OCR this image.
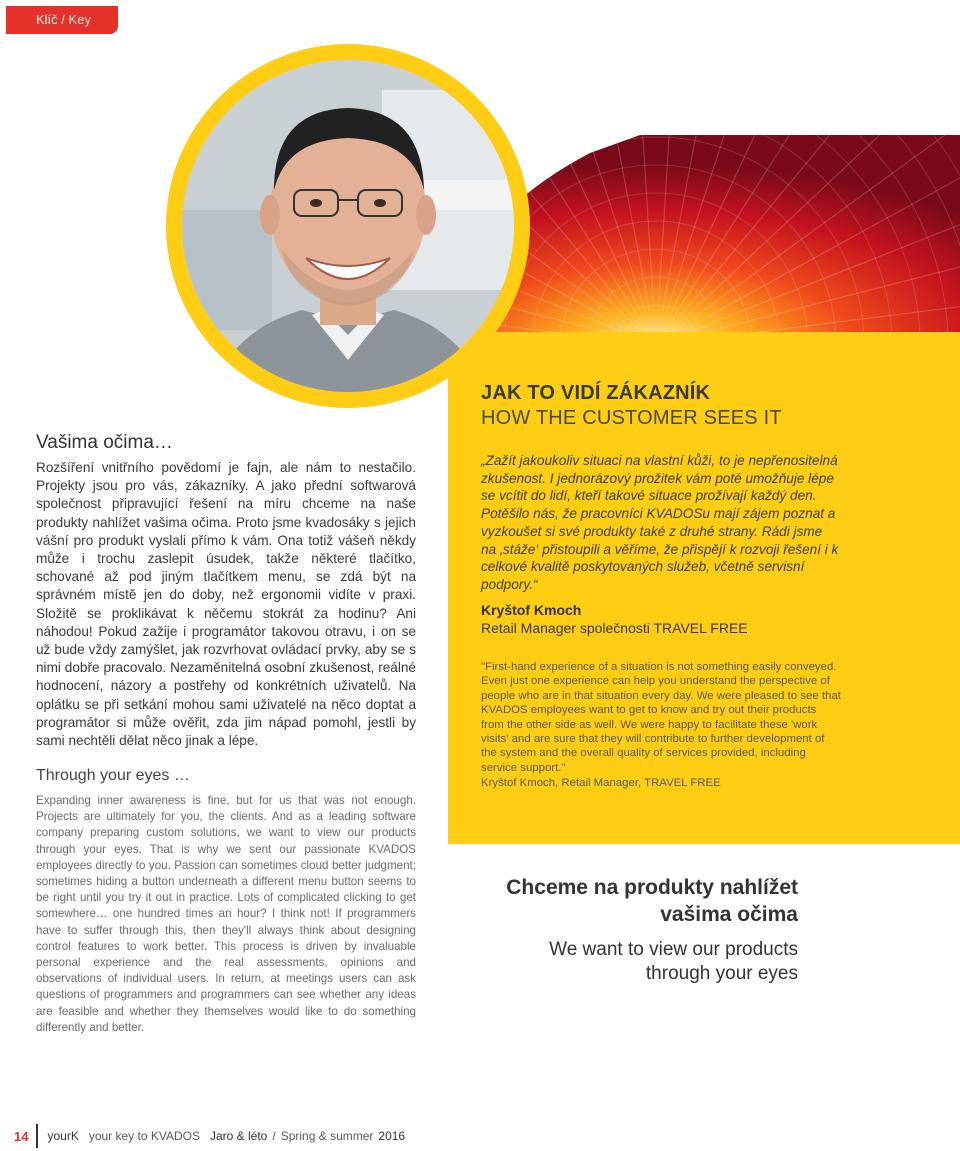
Klíč / Key
Vašima očima…

Rozšíření vnitřního povědomí je fajn, ale nám to nestačilo. Projekty jsou pro vás, zákazníky. A jako přední softwarová společnost připravující řešení na míru chceme na naše produkty nahlížet vašima očima. Proto jsme kvadosáky s jejich vášní pro produkt vyslali přímo k vám. Ona totiž vášeň někdy může i trochu zaslepit úsudek, takže některé tlačítko, schované až pod jiným tlačítkem menu, se zdá být na správném místě jen do doby, než ergonomii vidíte v praxi. Složitě se proklikávat k něčemu stokrát za hodinu? Ani náhodou! Pokud zažije i programátor takovou otravu, i on se už bude vždy zamýšlet, jak rozvrhovat ovládací prvky, aby se s nimi dobře pracovalo. Nezaměnitelná osobní zkušenost, reálné hodnocení, názory a postřehy od konkrétních uživatelů. Na oplátku se při setkání mohou sami uživatelé na něco doptat a programátor si může ověřit, zda jim nápad pomohl, jestli by sami nechtěli dělat něco jinak a lépe.

Through your eyes …

Expanding inner awareness is fine, but for us that was not enough. Projects are ultimately for you, the clients. And as a leading software company preparing custom solutions, we want to view our products through your eyes. That is why we sent our passionate KVADOS employees directly to you. Passion can sometimes cloud better judgment; sometimes hiding a button underneath a different menu button seems to be right until you try it out in practice. Lots of complicated clicking to get somewhere… one hundred times an hour? I think not! If programmers have to suffer through this, then they'll always think about designing control features to work better. This process is driven by invaluable personal experience and the real assessments, opinions and observations of individual users. In return, at meetings users can ask questions of programmers and programmers can see whether any ideas are feasible and whether they themselves would like to do something differently and better.

JAK TO VIDÍ ZÁKAZNÍK
HOW THE CUSTOMER SEES IT

„Zažít jakoukoliv situaci na vlastní kůži, to je nepřenositelná zkušenost. I jednorázový prožitek vám poté umožňuje lépe se vcítit do lidí, kteří takové situace prožívají každý den. Potěšilo nás, že pracovníci KVADOSu mají zájem poznat a vyzkoušet si své produkty také z druhé strany. Rádi jsme na ‚stáže‘ přistoupili a věříme, že přispějí k rozvoji řešení i k celkové kvalitě poskytovaných služeb, včetně servisní podpory.“

Kryštof Kmoch
Retail Manager společnosti TRAVEL FREE

"First-hand experience of a situation is not something easily conveyed. Even just one experience can help you understand the perspective of people who are in that situation every day. We were pleased to see that KVADOS employees want to get to know and try out their products from the other side as well. We were happy to facilitate these 'work visits' and are sure that they will contribute to further development of the system and the overall quality of services provided, including service support."

Kryštof Kmoch, Retail Manager, TRAVEL FREE
Chceme na produkty nahlížet vašima očima
We want to view our products through your eyes
14 yourK your key to KVADOS Jaro & léto / Spring & summer 2016
